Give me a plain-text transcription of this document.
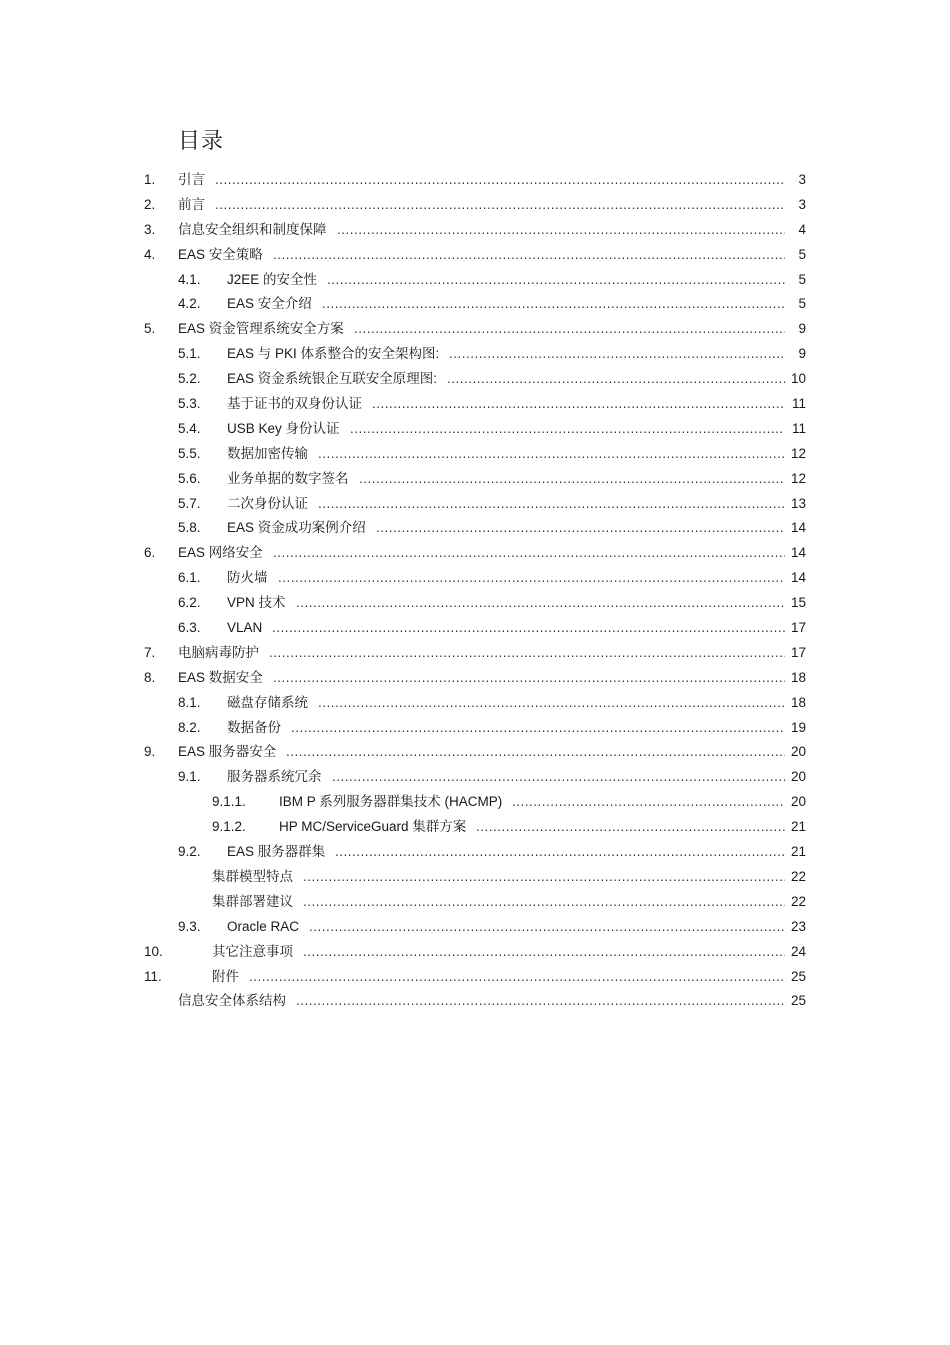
目录
1. 引言 .....	3
2. 前言 .....	3
3. 信息安全组织和制度保障 .....	4
4. EAS 安全策略 .....	5
4.1. J2EE 的安全性 .....	5
4.2. EAS 安全介绍 .....	5
5. EAS 资金管理系统安全方案 .....	9
5.1. EAS 与 PKI 体系整合的安全架构图: .....	9
5.2. EAS 资金系统银企互联安全原理图: .....	10
5.3. 基于证书的双身份认证 .....	11
5.4. USB Key 身份认证 .....	11
5.5. 数据加密传输 .....	12
5.6. 业务单据的数字签名 .....	12
5.7. 二次身份认证 .....	13
5.8. EAS 资金成功案例介绍 .....	14
6. EAS 网络安全 .....	14
6.1. 防火墙 .....	14
6.2. VPN 技术 .....	15
6.3. VLAN .....	17
7. 电脑病毒防护 .....	17
8. EAS 数据安全 .....	18
8.1. 磁盘存储系统 .....	18
8.2. 数据备份 .....	19
9. EAS 服务器安全 .....	20
9.1. 服务器系统冗余 .....	20
9.1.1. IBM P 系列服务器群集技术 (HACMP) .....	20
9.1.2. HP MC/ServiceGuard 集群方案 .....	21
9.2. EAS 服务器群集 .....	21
集群模型特点 .....	22
集群部署建议 .....	22
9.3. Oracle RAC .....	23
10.	其它注意事项 .....	24
11.	附件 .....	25
信息安全体系结构 .....	25
